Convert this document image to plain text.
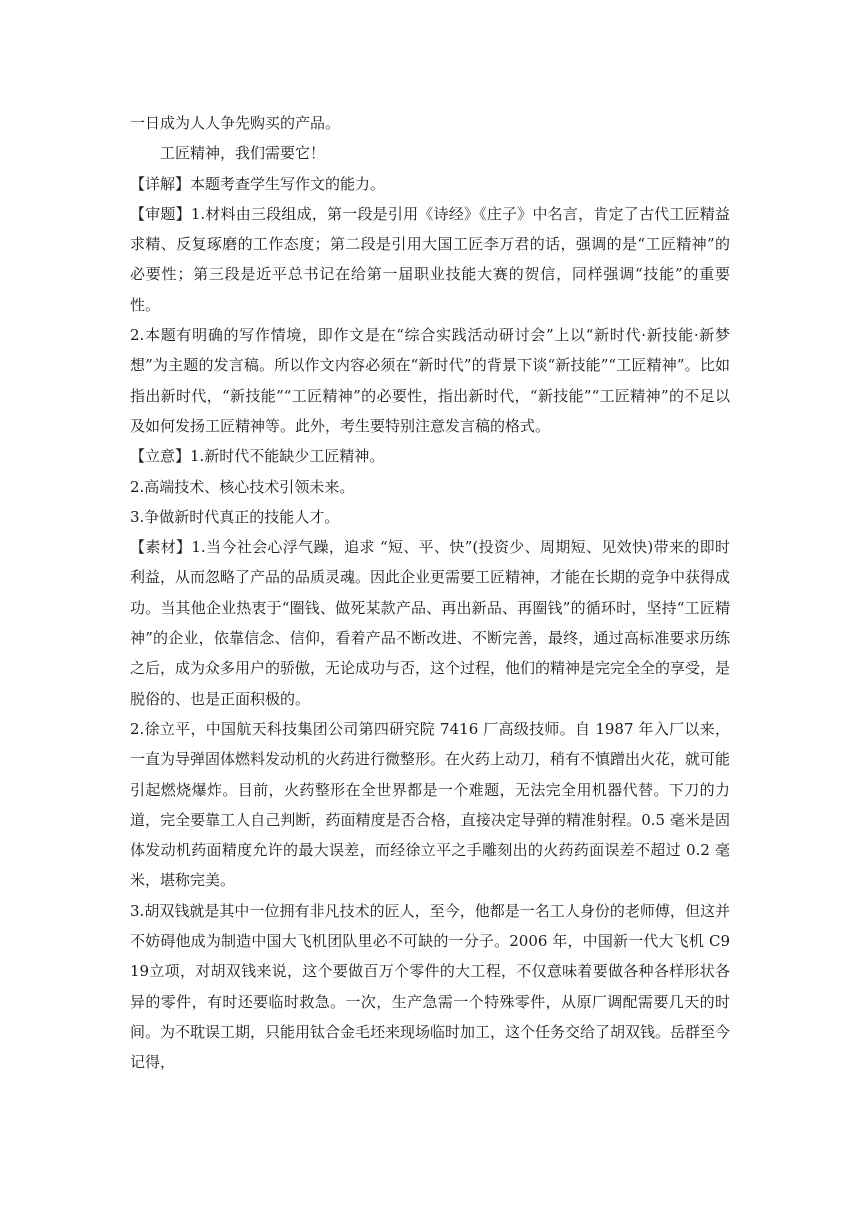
一日成为人人争先购买的产品。

工匠精神，我们需要它！

【详解】本题考查学生写作文的能力。

【审题】1.材料由三段组成，第一段是引用《诗经》《庄子》中名言，肯定了古代工匠精益求精、反复琢磨的工作态度；第二段是引用大国工匠李万君的话，强调的是“工匠精神”的必要性；第三段是近平总书记在给第一届职业技能大赛的贺信，同样强调“技能”的重要性。

2.本题有明确的写作情境，即作文是在“综合实践活动研讨会”上以“新时代·新技能·新梦想”为主题的发言稿。所以作文内容必须在“新时代”的背景下谈“新技能”“工匠精神”。比如指出新时代，“新技能”“工匠精神”的必要性，指出新时代，“新技能”“工匠精神”的不足以及如何发扬工匠精神等。此外，考生要特别注意发言稿的格式。

【立意】1.新时代不能缺少工匠精神。

2.高端技术、核心技术引领未来。

3.争做新时代真正的技能人才。

【素材】1.当今社会心浮气躁，追求 “短、平、快”(投资少、周期短、见效快)带来的即时利益，从而忽略了产品的品质灵魂。因此企业更需要工匠精神，才能在长期的竞争中获得成功。当其他企业热衷于“圈钱、做死某款产品、再出新品、再圈钱”的循环时，坚持“工匠精神”的企业，依靠信念、信仰，看着产品不断改进、不断完善，最终，通过高标准要求历练之后，成为众多用户的骄傲，无论成功与否，这个过程，他们的精神是完完全全的享受，是脱俗的、也是正面积极的。

2.徐立平，中国航天科技集团公司第四研究院 7416 厂高级技师。自 1987 年入厂以来，一直为导弹固体燃料发动机的火药进行微整形。在火药上动刀，稍有不慎蹭出火花，就可能引起燃烧爆炸。目前，火药整形在全世界都是一个难题，无法完全用机器代替。下刀的力道，完全要靠工人自己判断，药面精度是否合格，直接决定导弹的精准射程。0.5 毫米是固体发动机药面精度允许的最大误差，而经徐立平之手雕刻出的火药药面误差不超过 0.2 毫米，堪称完美。

3.胡双钱就是其中一位拥有非凡技术的匠人，至今，他都是一名工人身份的老师傅，但这并不妨碍他成为制造中国大飞机团队里必不可缺的一分子。2006 年，中国新一代大飞机 C919立项，对胡双钱来说，这个要做百万个零件的大工程，不仅意味着要做各种各样形状各异的零件，有时还要临时救急。一次，生产急需一个特殊零件，从原厂调配需要几天的时间。为不耽误工期，只能用钛合金毛坯来现场临时加工，这个任务交给了胡双钱。岳群至今记得，
